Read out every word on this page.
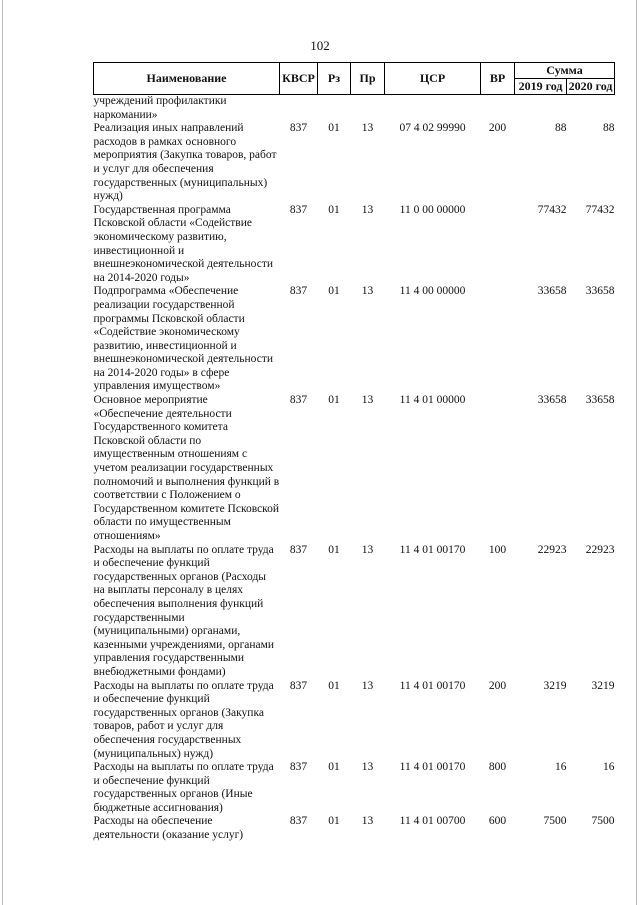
102
Наименование	КВСР	Рз	Пр	ЦСР	ВР	Сумма	
						2019 год	2020 год
учреждений профилактики наркомании»							
Реализация иных направлений расходов в рамках основного мероприятия (Закупка товаров, работ и услуг для обеспечения государственных (муниципальных) нужд)	837	01	13	07 4 02 99990	200	88	88
Государственная программа Псковской области «Содействие экономическому развитию, инвестиционной и внешнеэкономической деятельности на 2014-2020 годы»	837	01	13	11 0 00 00000		77432	77432
Подпрограмма «Обеспечение реализации государственной программы Псковской области «Содействие экономическому развитию, инвестиционной и внешнеэкономической деятельности на 2014-2020 годы» в сфере управления имуществом»	837	01	13	11 4 00 00000		33658	33658
Основное мероприятие «Обеспечение деятельности Государственного комитета Псковской области по имущественным отношениям с учетом реализации государственных полномочий и выполнения функций в соответствии с Положением о Государственном комитете Псковской области по имущественным отношениям»	837	01	13	11 4 01 00000		33658	33658
Расходы на выплаты по оплате труда и обеспечение функций государственных органов (Расходы на выплаты персоналу в целях обеспечения выполнения функций государственными (муниципальными) органами, казенными учреждениями, органами управления государственными внебюджетными фондами)	837	01	13	11 4 01 00170	100	22923	22923
Расходы на выплаты по оплате труда и обеспечение функций государственных органов (Закупка товаров, работ и услуг для обеспечения государственных (муниципальных) нужд)	837	01	13	11 4 01 00170	200	3219	3219
Расходы на выплаты по оплате труда и обеспечение функций государственных органов (Иные бюджетные ассигнования)	837	01	13	11 4 01 00170	800	16	16
Расходы на обеспечение деятельности (оказание услуг)	837	01	13	11 4 01 00700	600	7500	7500
